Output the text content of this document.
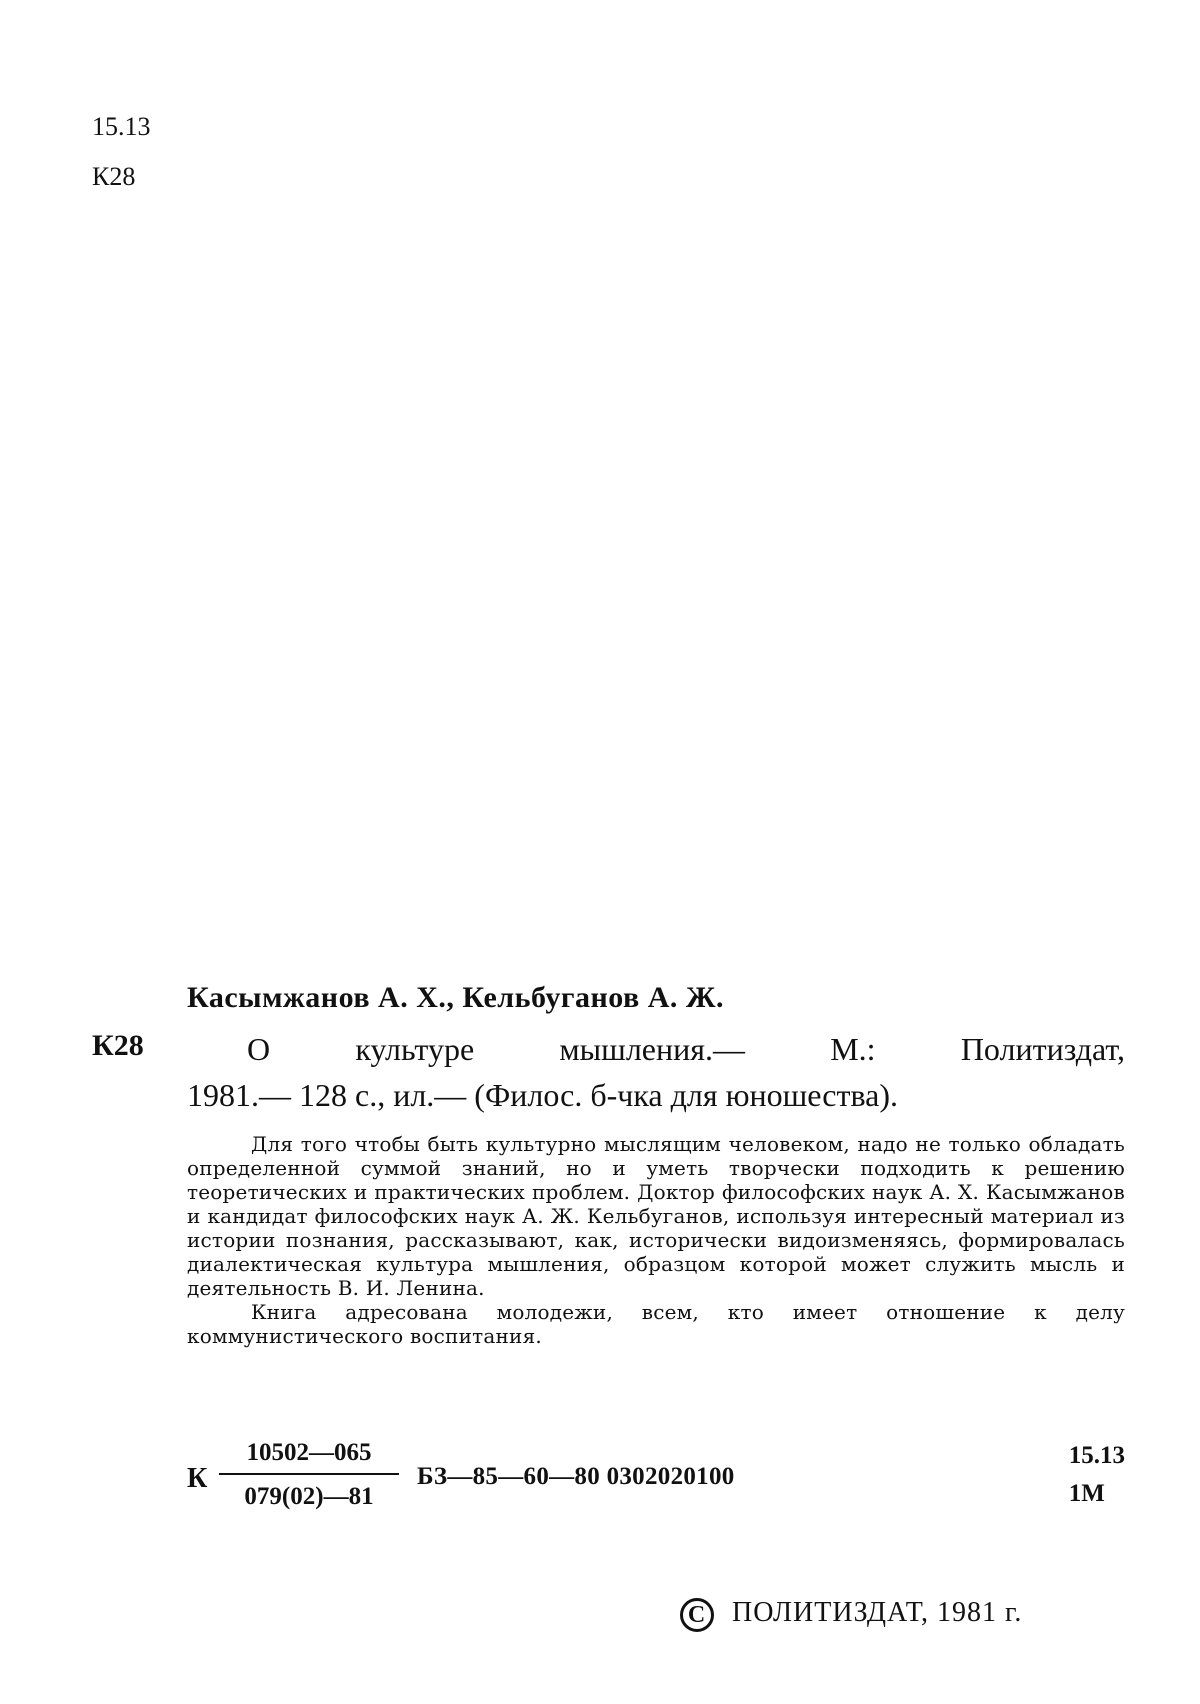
15.13
К28
Касымжанов А. Х., Кельбуганов А. Ж.
К28	О культуре мышления.— М.: Политиздат,
1981.— 128 с., ил.— (Филос. б-чка для юношества).

Для того чтобы быть культурно мыслящим человеком, надо не только обладать определенной суммой знаний, но и уметь творчески подходить к решению теоретических и практических проблем. Доктор философских наук А. Х. Касымжанов и кандидат философских наук А. Ж. Кельбуганов, используя интересный материал из истории познания, рассказывают, как, исторически видоизменяясь, формировалась диалектическая культура мышления, образцом которой может служить мысль и деятельность В. И. Ленина.

Книга адресована молодежи, всем, кто имеет отношение к делу коммунистического воспитания.

К $\frac{10502—065}{079(02)—81}$ БЗ—85—60—80 0302020100
15.13
1М
C ПОЛИТИЗДАТ, 1981 г.
